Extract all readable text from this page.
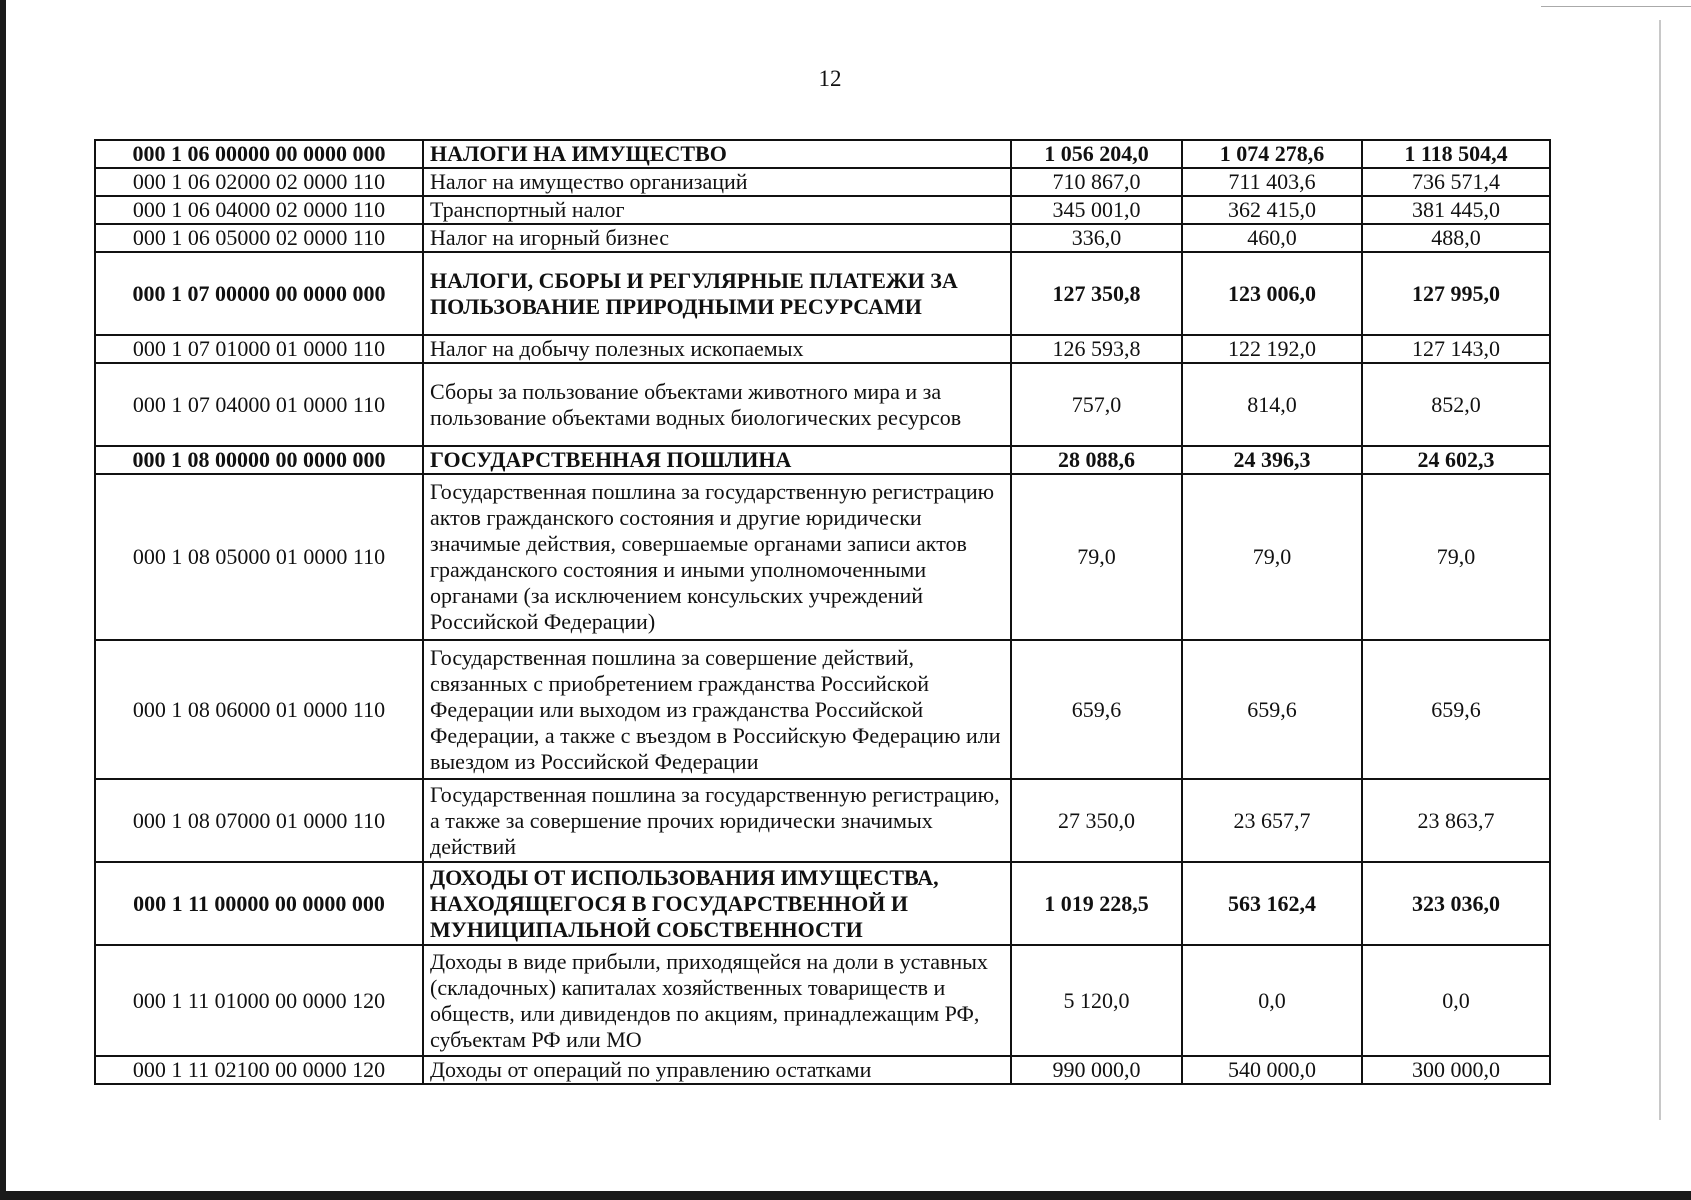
12
000 1 06 00000 00 0000 000	НАЛОГИ НА ИМУЩЕСТВО	1 056 204,0	1 074 278,6	1 118 504,4
000 1 06 02000 02 0000 110	Налог на имущество организаций	710 867,0	711 403,6	736 571,4
000 1 06 04000 02 0000 110	Транспортный налог	345 001,0	362 415,0	381 445,0
000 1 06 05000 02 0000 110	Налог на игорный бизнес	336,0	460,0	488,0
000 1 07 00000 00 0000 000	НАЛОГИ, СБОРЫ И РЕГУЛЯРНЫЕ ПЛАТЕЖИ ЗА ПОЛЬЗОВАНИЕ ПРИРОДНЫМИ РЕСУРСАМИ	127 350,8	123 006,0	127 995,0
000 1 07 01000 01 0000 110	Налог на добычу полезных ископаемых	126 593,8	122 192,0	127 143,0
000 1 07 04000 01 0000 110	Сборы за пользование объектами животного мира и за пользование объектами водных биологических ресурсов	757,0	814,0	852,0
000 1 08 00000 00 0000 000	ГОСУДАРСТВЕННАЯ ПОШЛИНА	28 088,6	24 396,3	24 602,3
000 1 08 05000 01 0000 110	Государственная пошлина за государственную регистрацию актов гражданского состояния и другие юридически значимые действия, совершаемые органами записи актов гражданского состояния и иными уполномоченными органами (за исключением консульских учреждений Российской Федерации)	79,0	79,0	79,0
000 1 08 06000 01 0000 110	Государственная пошлина за совершение действий, связанных с приобретением гражданства Российской Федерации или выходом из гражданства Российской Федерации, а также с въездом в Российскую Федерацию или выездом из Российской Федерации	659,6	659,6	659,6
000 1 08 07000 01 0000 110	Государственная пошлина за государственную регистрацию, а также за совершение прочих юридически значимых действий	27 350,0	23 657,7	23 863,7
000 1 11 00000 00 0000 000	ДОХОДЫ ОТ ИСПОЛЬЗОВАНИЯ ИМУЩЕСТВА, НАХОДЯЩЕГОСЯ В ГОСУДАРСТВЕННОЙ И МУНИЦИПАЛЬНОЙ СОБСТВЕННОСТИ	1 019 228,5	563 162,4	323 036,0
000 1 11 01000 00 0000 120	Доходы в виде прибыли, приходящейся на доли в уставных (складочных) капиталах хозяйственных товариществ и обществ, или дивидендов по акциям, принадлежащим РФ, субъектам РФ или МО	5 120,0	0,0	0,0
000 1 11 02100 00 0000 120	Доходы от операций по управлению остатками	990 000,0	540 000,0	300 000,0
